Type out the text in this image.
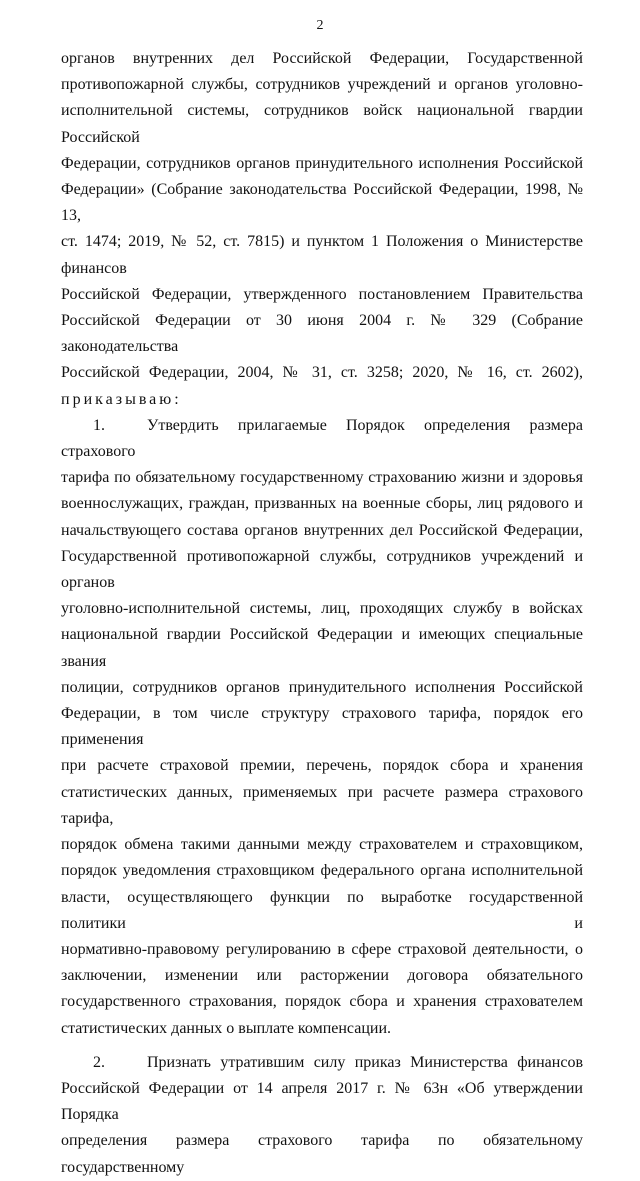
2
органов внутренних дел Российской Федерации, Государственной
противопожарной службы, сотрудников учреждений и органов уголовно-
исполнительной системы, сотрудников войск национальной гвардии Российской
Федерации, сотрудников органов принудительного исполнения Российской
Федерации» (Собрание законодательства Российской Федерации, 1998, № 13,
ст. 1474; 2019, № 52, ст. 7815) и пунктом 1 Положения о Министерстве финансов
Российской Федерации, утвержденного постановлением Правительства
Российской Федерации от 30 июня 2004 г. № 329 (Собрание законодательства
Российской Федерации, 2004, № 31, ст. 3258; 2020, № 16, ст. 2602),
приказываю:
1.	Утвердить прилагаемые Порядок определения размера страхового
тарифа по обязательному государственному страхованию жизни и здоровья
военнослужащих, граждан, призванных на военные сборы, лиц рядового и
начальствующего состава органов внутренних дел Российской Федерации,
Государственной противопожарной службы, сотрудников учреждений и органов
уголовно-исполнительной системы, лиц, проходящих службу в войсках
национальной гвардии Российской Федерации и имеющих специальные звания
полиции, сотрудников органов принудительного исполнения Российской
Федерации, в том числе структуру страхового тарифа, порядок его применения
при расчете страховой премии, перечень, порядок сбора и хранения
статистических данных, применяемых при расчете размера страхового тарифа,
порядок обмена такими данными между страхователем и страховщиком,
порядок уведомления страховщиком федерального органа исполнительной
власти, осуществляющего функции по выработке государственной политики и
нормативно-правовому регулированию в сфере страховой деятельности, о
заключении, изменении или расторжении договора обязательного
государственного страхования, порядок сбора и хранения страхователем
статистических данных о выплате компенсации.
2.	Признать утратившим силу приказ Министерства финансов
Российской Федерации от 14 апреля 2017 г. № 63н «Об утверждении Порядка
определения размера страхового тарифа по обязательному государственному
